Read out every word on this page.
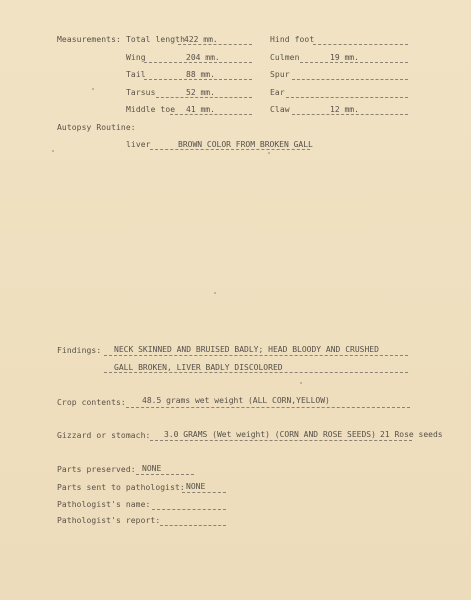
Measurements: Total length 422 mm.	Hind foot
Wing	204 mm.	Culmen	19 mm.
Tail	88 mm.	Spur
Tarsus	52 mm.	Ear
Middle toe 41 mm.	Claw	12 mm.
Autopsy Routine:
liver	BROWN COLOR FROM BROKEN GALL
Findings: NECK SKINNED AND BRUISED BADLY; HEAD BLOODY AND CRUSHED
GALL BROKEN, LIVER BADLY DISCOLORED
Crop contents: 48.5 grams wet weight (ALL CORN,YELLOW)
Gizzard or stomach: 3.0 GRAMS (Wet weight) (CORN AND ROSE SEEDS) 21 Rose seeds
Parts preserved: NONE
Parts sent to pathologist: NONE
Pathologist's name:
Pathologist's report:
